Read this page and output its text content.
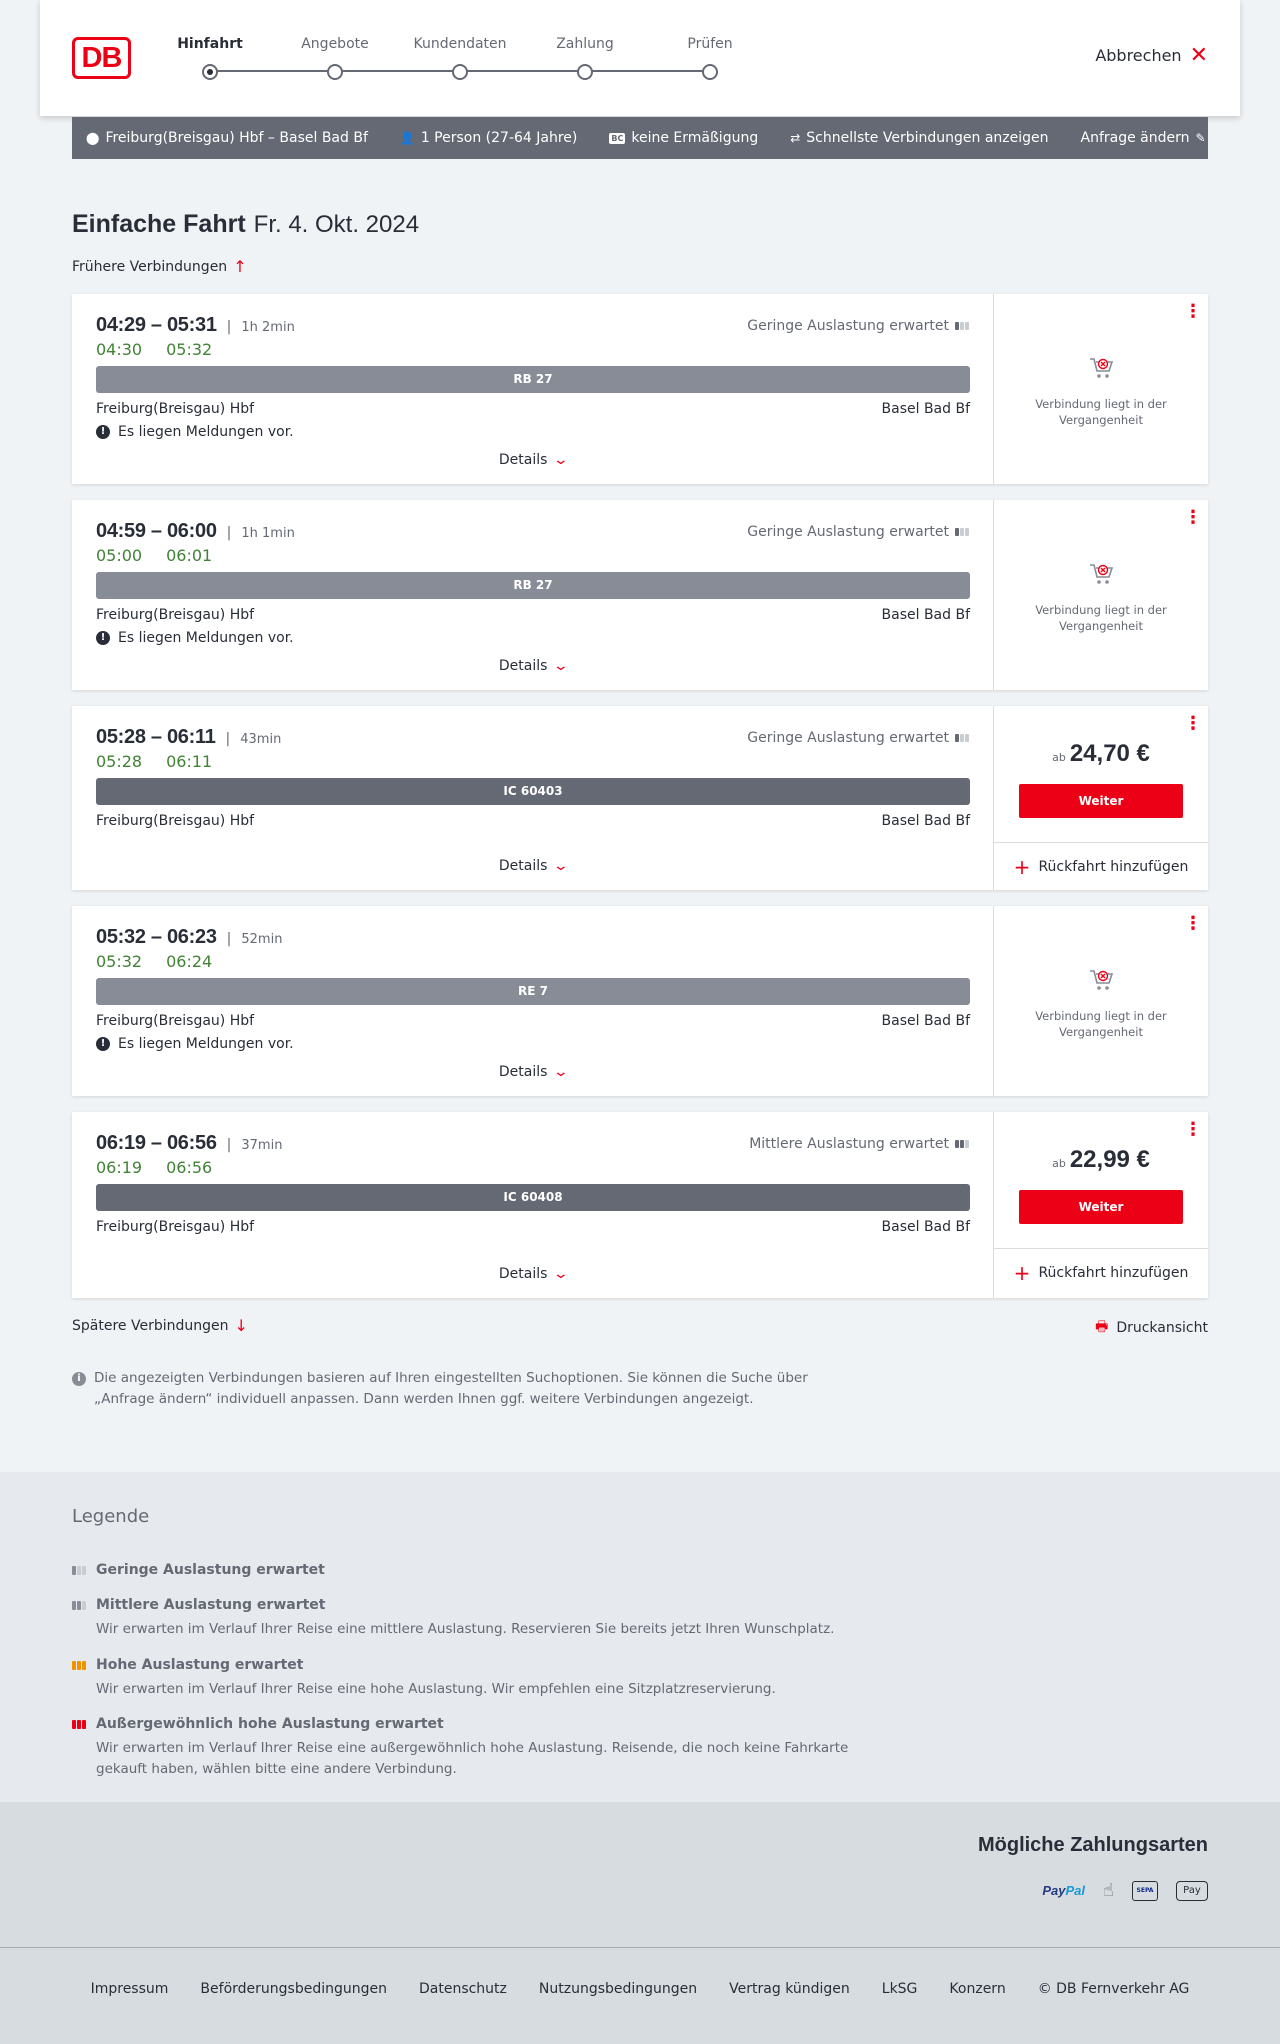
DB	Hinfahrt	Angebote	Kundendaten	Zahlung	Prüfen
Abbrechen ✕
⬤ Freiburg(Breisgau) Hbf – Basel Bad Bf	👤 1 Person (27-64 Jahre)	BC keine Ermäßigung	⇄ Schnellste Verbindungen anzeigen Anfrage ändern ✎
Einfache Fahrt Fr. 4. Okt. 2024
Frühere Verbindungen ↑
04:29 – 05:31 | 1h 2min
04:30 05:32
Geringe Auslastung erwartet
RB 27
Freiburg(Breisgau) Hbf	Basel Bad Bf
! Es liegen Meldungen vor.
Details ⌄
⋮
Verbindung liegt in der Vergangenheit
04:59 – 06:00 | 1h 1min
05:00 06:01
Geringe Auslastung erwartet
RB 27
Freiburg(Breisgau) Hbf	Basel Bad Bf
! Es liegen Meldungen vor.
Details ⌄
⋮
Verbindung liegt in der Vergangenheit
05:28 – 06:11 | 43min
05:28 06:11
Geringe Auslastung erwartet
IC 60403
Freiburg(Breisgau) Hbf	Basel Bad Bf
Details ⌄
⋮
ab 24,70 €
Weiter
+ Rückfahrt hinzufügen
05:32 – 06:23 | 52min
05:32 06:24
RE 7
Freiburg(Breisgau) Hbf	Basel Bad Bf
! Es liegen Meldungen vor.
Details ⌄
⋮
Verbindung liegt in der Vergangenheit
06:19 – 06:56 | 37min
06:19 06:56
Mittlere Auslastung erwartet
IC 60408
Freiburg(Breisgau) Hbf	Basel Bad Bf
Details ⌄
⋮
ab 22,99 €
Weiter
+ Rückfahrt hinzufügen
Spätere Verbindungen ↓	🖶 Druckansicht
i Die angezeigten Verbindungen basieren auf Ihren eingestellten Suchoptionen. Sie können die Suche über „Anfrage ändern“ individuell anpassen. Dann werden Ihnen ggf. weitere Verbindungen angezeigt.
Legende
Geringe Auslastung erwartet
Mittlere Auslastung erwartet
Wir erwarten im Verlauf Ihrer Reise eine mittlere Auslastung. Reservieren Sie bereits jetzt Ihren Wunschplatz.
Hohe Auslastung erwartet
Wir erwarten im Verlauf Ihrer Reise eine hohe Auslastung. Wir empfehlen eine Sitzplatzreservierung.
Außergewöhnlich hohe Auslastung erwartet
Wir erwarten im Verlauf Ihrer Reise eine außergewöhnlich hohe Auslastung. Reisende, die noch keine Fahrkarte gekauft haben, wählen bitte eine andere Verbindung.
Mögliche Zahlungsarten
PayPal ☝	SEPA	Pay
Impressum Beförderungsbedingungen Datenschutz Nutzungsbedingungen Vertrag kündigen LkSG Konzern © DB Fernverkehr AG
